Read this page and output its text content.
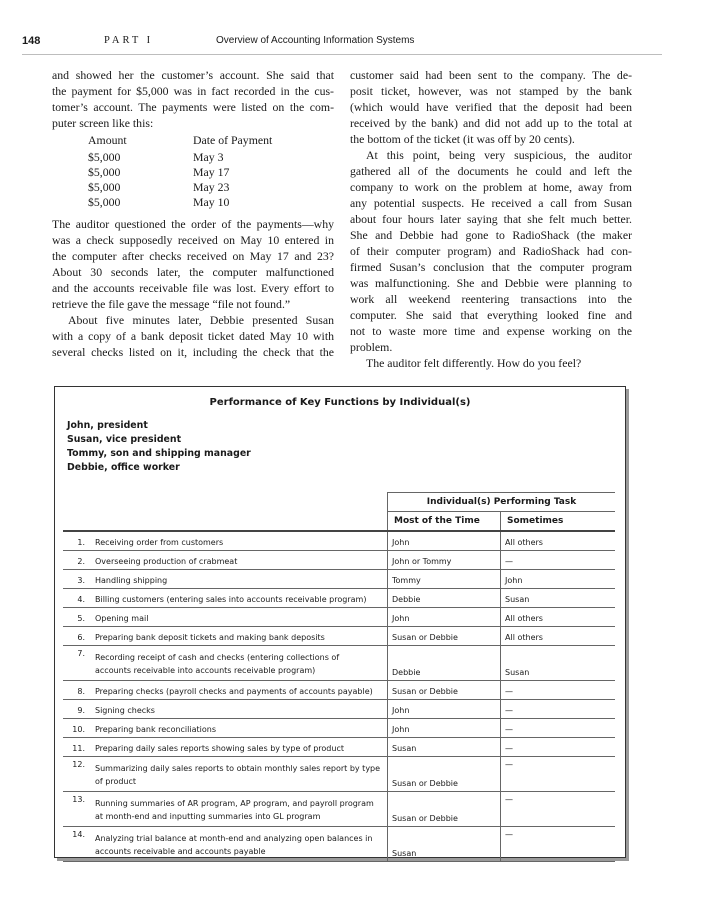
148	PART I	Overview of Accounting Information Systems

and showed her the customer’s account. She said that
the payment for $5,000 was in fact recorded in the cus-
tomer’s account. The payments were listed on the com-
puter screen like this:

Amount	Date of Payment
$5,000	May 3
$5,000	May 17
$5,000	May 23
$5,000	May 10

The auditor questioned the order of the payments—why
was a check supposedly received on May 10 entered in
the computer after checks received on May 17 and 23?
About 30 seconds later, the computer malfunctioned
and the accounts receivable file was lost. Every effort to
retrieve the file gave the message “file not found.”

About five minutes later, Debbie presented Susan
with a copy of a bank deposit ticket dated May 10 with
several checks listed on it, including the check that the

customer said had been sent to the company. The de-
posit ticket, however, was not stamped by the bank
(which would have verified that the deposit had been
received by the bank) and did not add up to the total at
the bottom of the ticket (it was off by 20 cents).

At this point, being very suspicious, the auditor
gathered all of the documents he could and left the
company to work on the problem at home, away from
any potential suspects. He received a call from Susan
about four hours later saying that she felt much better.
She and Debbie had gone to RadioShack (the maker
of their computer program) and RadioShack had con-
firmed Susan’s conclusion that the computer program
was malfunctioning. She and Debbie were planning to
work all weekend reentering transactions into the
computer. She said that everything looked fine and
not to waste more time and expense working on the
problem.

The auditor felt differently. How do you feel?

Performance of Key Functions by Individual(s)
John, president
Susan, vice president
Tommy, son and shipping manager
Debbie, office worker
		Individual(s) Performing Task	
		Most of the Time	Sometimes
1.	Receiving order from customers	John	All others
2.	Overseeing production of crabmeat	John or Tommy	—
3.	Handling shipping	Tommy	John
4.	Billing customers (entering sales into accounts receivable program)	Debbie	Susan
5.	Opening mail	John	All others
6.	Preparing bank deposit tickets and making bank deposits	Susan or Debbie	All others
7.	Recording receipt of cash and checks (entering collections of
accounts receivable into accounts receivable program)	Debbie	Susan
8.	Preparing checks (payroll checks and payments of accounts payable)	Susan or Debbie	—
9.	Signing checks	John	—
10.	Preparing bank reconciliations	John	—
11.	Preparing daily sales reports showing sales by type of product	Susan	—
12.	Summarizing daily sales reports to obtain monthly sales report by type
of product	Susan or Debbie	—
13.	Running summaries of AR program, AP program, and payroll program
at month-end and inputting summaries into GL program	Susan or Debbie	—
14.	Analyzing trial balance at month-end and analyzing open balances in
accounts receivable and accounts payable	Susan	—
